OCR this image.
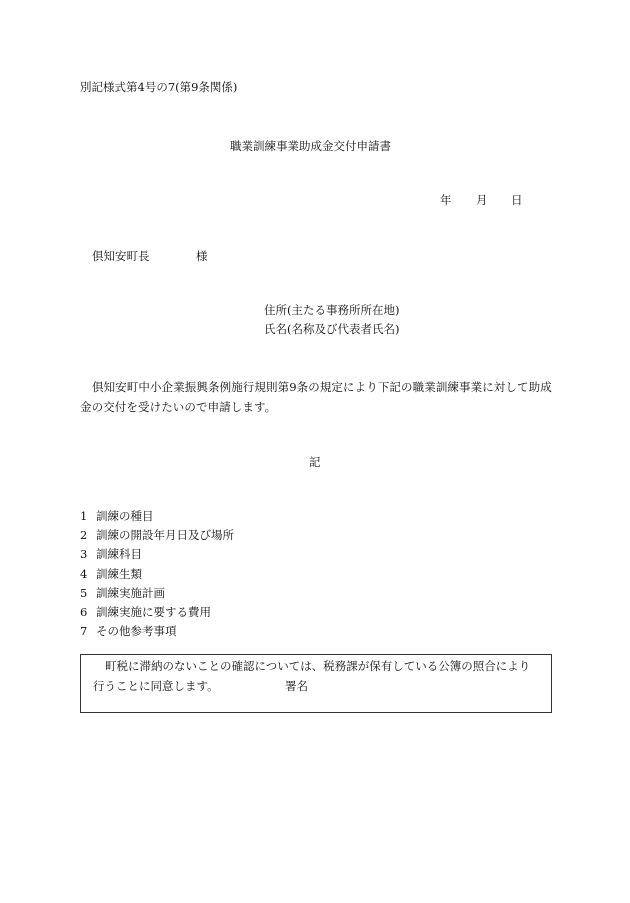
別記様式第4号の7(第9条関係)
職業訓練事業助成金交付申請書
年 月 日
倶知安町長	様
住所(主たる事務所所在地)
氏名(名称及び代表者氏名)
倶知安町中小企業振興条例施行規則第9条の規定により下記の職業訓練事業に対して助成金の交付を受けたいので申請します。
記
1 訓練の種目
2 訓練の開設年月日及び場所
3 訓練科目
4 訓練生類
5 訓練実施計画
6 訓練実施に要する費用
7 その他参考事項
町税に滞納のないことの確認については、税務課が保有している公簿の照合により
行うことに同意します。	署名
